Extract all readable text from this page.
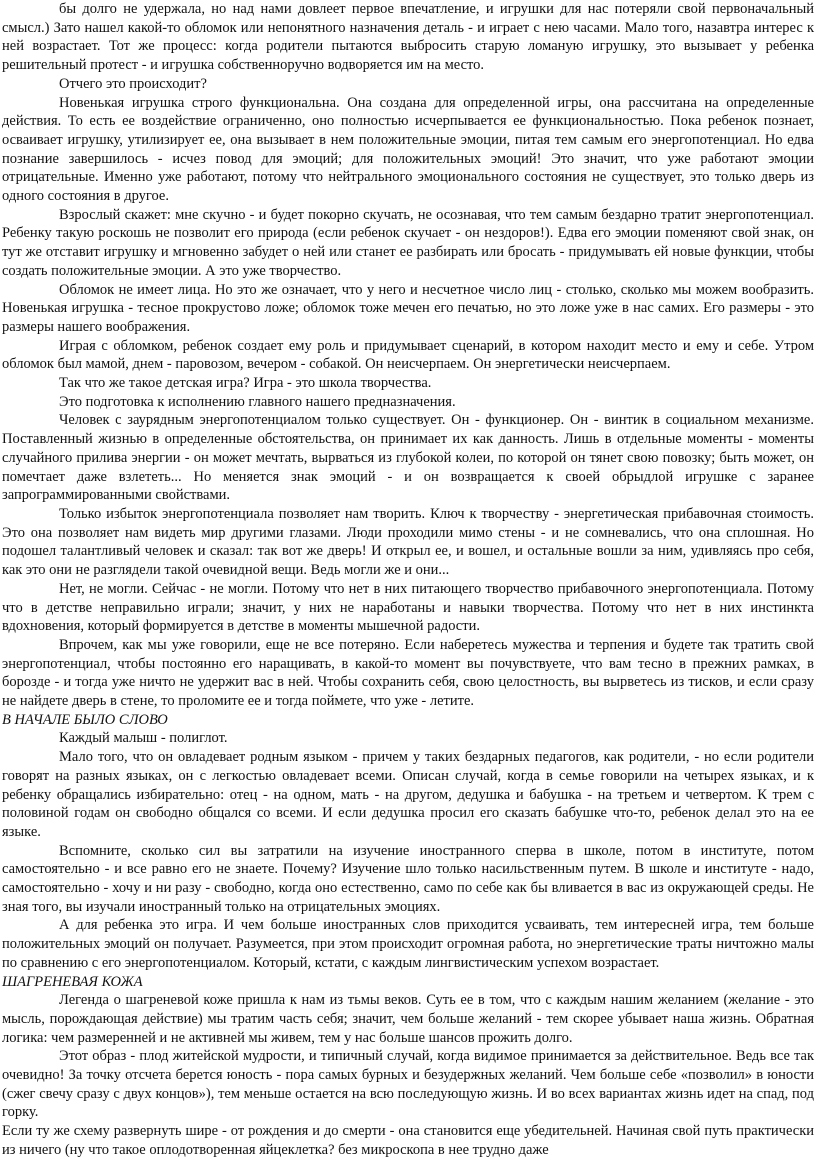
бы долго не удержала, но над нами довлеет первое впечатление, и игрушки для нас потеряли свой первоначальный смысл.) Зато нашел какой-то обломок или непонятного назначения деталь - и играет с нею часами. Мало того, назавтра интерес к ней возрастает. Тот же процесс: когда родители пытаются выбросить старую ломаную игрушку, это вызывает у ребенка решительный протест - и игрушка собственноручно водворяется им на место.

Отчего это происходит?

Новенькая игрушка строго функциональна. Она создана для определенной игры, она рассчитана на определенные действия. То есть ее воздействие ограниченно, оно полностью исчерпывается ее функциональностью. Пока ребенок познает, осваивает игрушку, утилизирует ее, она вызывает в нем положительные эмоции, питая тем самым его энергопотенциал. Но едва познание завершилось - исчез повод для эмоций; для положительных эмоций! Это значит, что уже работают эмоции отрицательные. Именно уже работают, потому что нейтрального эмоционального состояния не существует, это только дверь из одного состояния в другое.

Взрослый скажет: мне скучно - и будет покорно скучать, не осознавая, что тем самым бездарно тратит энергопотенциал. Ребенку такую роскошь не позволит его природа (если ребенок скучает - он нездоров!). Едва его эмоции поменяют свой знак, он тут же отставит игрушку и мгновенно забудет о ней или станет ее разбирать или бросать - придумывать ей новые функции, чтобы создать положительные эмоции. А это уже творчество.

Обломок не имеет лица. Но это же означает, что у него и несчетное число лиц - столько, сколько мы можем вообразить. Новенькая игрушка - тесное прокрустово ложе; обломок тоже мечен его печатью, но это ложе уже в нас самих. Его размеры - это размеры нашего воображения.

Играя с обломком, ребенок создает ему роль и придумывает сценарий, в котором находит место и ему и себе. Утром обломок был мамой, днем - паровозом, вечером - собакой. Он неисчерпаем. Он энергетически неисчерпаем.

Так что же такое детская игра? Игра - это школа творчества.

Это подготовка к исполнению главного нашего предназначения.

Человек с заурядным энергопотенциалом только существует. Он - функционер. Он - винтик в социальном механизме. Поставленный жизнью в определенные обстоятельства, он принимает их как данность. Лишь в отдельные моменты - моменты случайного прилива энергии - он может мечтать, вырваться из глубокой колеи, по которой он тянет свою повозку; быть может, он помечтает даже взлететь... Но меняется знак эмоций - и он возвращается к своей обрыдлой игрушке с заранее запрограммированными свойствами.

Только избыток энергопотенциала позволяет нам творить. Ключ к творчеству - энергетическая прибавочная стоимость. Это она позволяет нам видеть мир другими глазами. Люди проходили мимо стены - и не сомневались, что она сплошная. Но подошел талантливый человек и сказал: так вот же дверь! И открыл ее, и вошел, и остальные вошли за ним, удивляясь про себя, как это они не разглядели такой очевидной вещи. Ведь могли же и они...

Нет, не могли. Сейчас - не могли. Потому что нет в них питающего творчество прибавочного энергопотенциала. Потому что в детстве неправильно играли; значит, у них не наработаны и навыки творчества. Потому что нет в них инстинкта вдохновения, который формируется в детстве в моменты мышечной радости.

Впрочем, как мы уже говорили, еще не все потеряно. Если наберетесь мужества и терпения и будете так тратить свой энергопотенциал, чтобы постоянно его наращивать, в какой-то момент вы почувствуете, что вам тесно в прежних рамках, в борозде - и тогда уже ничто не удержит вас в ней. Чтобы сохранить себя, свою целостность, вы вырветесь из тисков, и если сразу не найдете дверь в стене, то проломите ее и тогда поймете, что уже - летите.

В НАЧАЛЕ БЫЛО СЛОВО

Каждый малыш - полиглот.

Мало того, что он овладевает родным языком - причем у таких бездарных педагогов, как родители, - но если родители говорят на разных языках, он с легкостью овладевает всеми. Описан случай, когда в семье говорили на четырех языках, и к ребенку обращались избирательно: отец - на одном, мать - на другом, дедушка и бабушка - на третьем и четвертом. К трем с половиной годам он свободно общался со всеми. И если дедушка просил его сказать бабушке что-то, ребенок делал это на ее языке.

Вспомните, сколько сил вы затратили на изучение иностранного сперва в школе, потом в институте, потом самостоятельно - и все равно его не знаете. Почему? Изучение шло только насильственным путем. В школе и институте - надо, самостоятельно - хочу и ни разу - свободно, когда оно естественно, само по себе как бы вливается в вас из окружающей среды. Не зная того, вы изучали иностранный только на отрицательных эмоциях.

А для ребенка это игра. И чем больше иностранных слов приходится усваивать, тем интересней игра, тем больше положительных эмоций он получает. Разумеется, при этом происходит огромная работа, но энергетические траты ничтожно малы по сравнению с его энергопотенциалом. Который, кстати, с каждым лингвистическим успехом возрастает.

ШАГРЕНЕВАЯ КОЖА

Легенда о шагреневой коже пришла к нам из тьмы веков. Суть ее в том, что с каждым нашим желанием (желание - это мысль, порождающая действие) мы тратим часть себя; значит, чем больше желаний - тем скорее убывает наша жизнь. Обратная логика: чем размеренней и не активней мы живем, тем у нас больше шансов прожить долго.

Этот образ - плод житейской мудрости, и типичный случай, когда видимое принимается за действительное. Ведь все так очевидно! За точку отсчета берется юность - пора самых бурных и безудержных желаний. Чем больше себе «позволил» в юности (сжег свечу сразу с двух концов»), тем меньше остается на всю последующую жизнь. И во всех вариантах жизнь идет на спад, под горку.

Если ту же схему развернуть шире - от рождения и до смерти - она становится еще убедительней. Начиная свой путь практически из ничего (ну что такое оплодотворенная яйцеклетка? без микроскопа в нее трудно даже
